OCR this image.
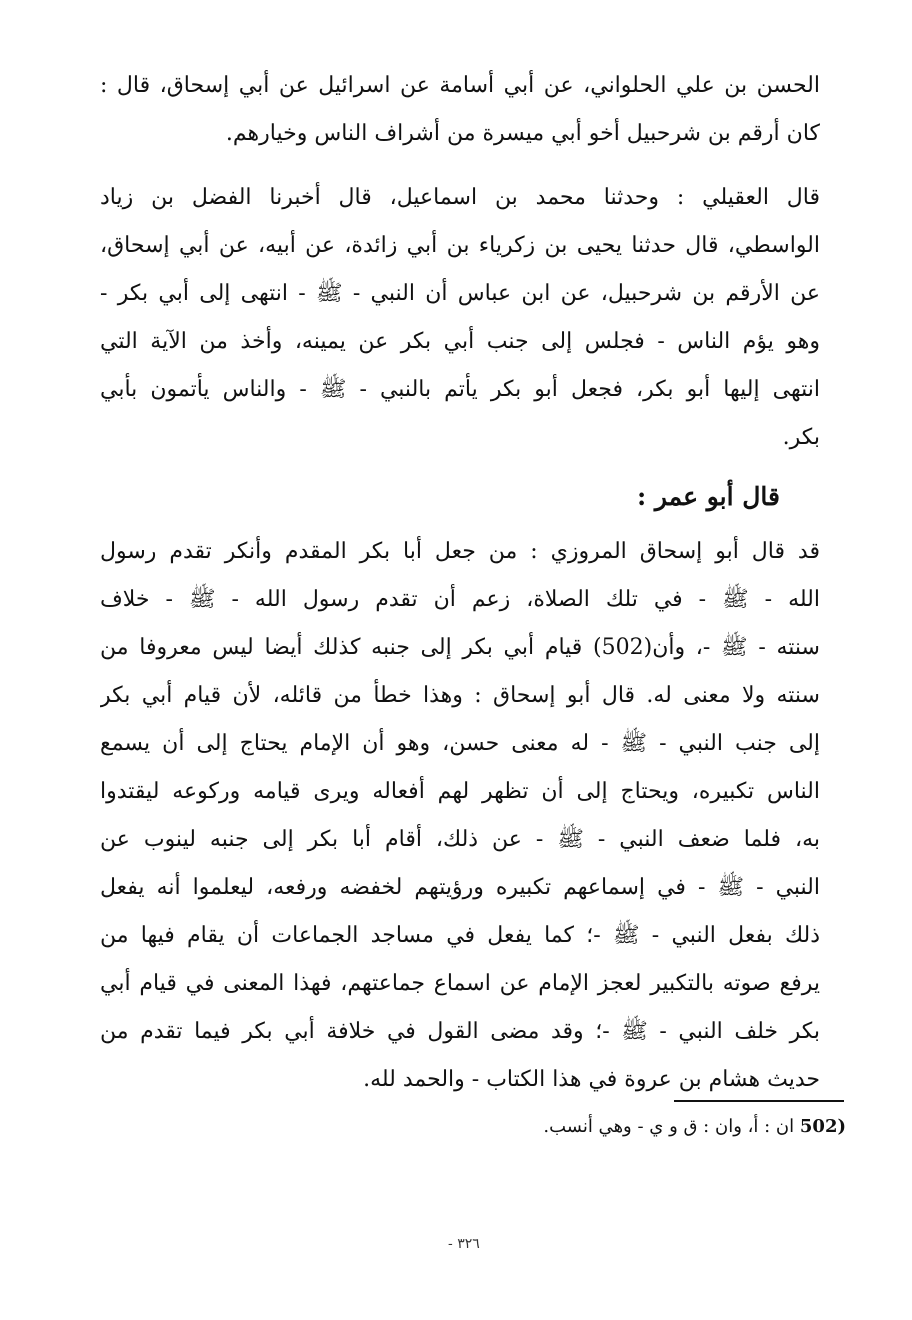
الحسن بن علي الحلواني، عن أبي أسامة عن اسرائيل عن أبي إسحاق، قال :
كان أرقم بن شرحبيل أخو أبي ميسرة من أشراف الناس وخيارهم.
قال العقيلي : وحدثنا محمد بن اسماعيل، قال أخبرنا الفضل بن زياد
الواسطي، قال حدثنا يحيى بن زكرياء بن أبي زائدة، عن أبيه، عن أبي إسحاق،
عن الأرقم بن شرحبيل، عن ابن عباس أن النبي - ﷺ - انتهى إلى أبي بكر -
وهو يؤم الناس - فجلس إلى جنب أبي بكر عن يمينه، وأخذ من الآية التي
انتهى إليها أبو بكر، فجعل أبو بكر يأتم بالنبي - ﷺ - والناس يأتمون بأبي
بكر.
قال أبو عمر :
قد قال أبو إسحاق المروزي : من جعل أبا بكر المقدم وأنكر تقدم رسول
الله - ﷺ - في تلك الصلاة، زعم أن تقدم رسول الله - ﷺ - خلاف
سنته - ﷺ -، وأن(502) قيام أبي بكر إلى جنبه كذلك أيضا ليس معروفا من
سنته ولا معنى له. قال أبو إسحاق : وهذا خطأ من قائله، لأن قيام أبي بكر
إلى جنب النبي - ﷺ - له معنى حسن، وهو أن الإمام يحتاج إلى أن يسمع
الناس تكبيره، ويحتاج إلى أن تظهر لهم أفعاله ويرى قيامه وركوعه ليقتدوا
به، فلما ضعف النبي - ﷺ - عن ذلك، أقام أبا بكر إلى جنبه لينوب عن
النبي - ﷺ - في إسماعهم تكبيره ورؤيتهم لخفضه ورفعه، ليعلموا أنه يفعل
ذلك بفعل النبي - ﷺ -؛ كما يفعل في مساجد الجماعات أن يقام فيها من
يرفع صوته بالتكبير لعجز الإمام عن اسماع جماعتهم، فهذا المعنى في قيام أبي
بكر خلف النبي - ﷺ -؛ وقد مضى القول في خلافة أبي بكر فيما تقدم من
حديث هشام بن عروة في هذا الكتاب - والحمد لله.
(502 ان : أ، وان : ق و ي - وهي أنسب.
- ٣٢٦
